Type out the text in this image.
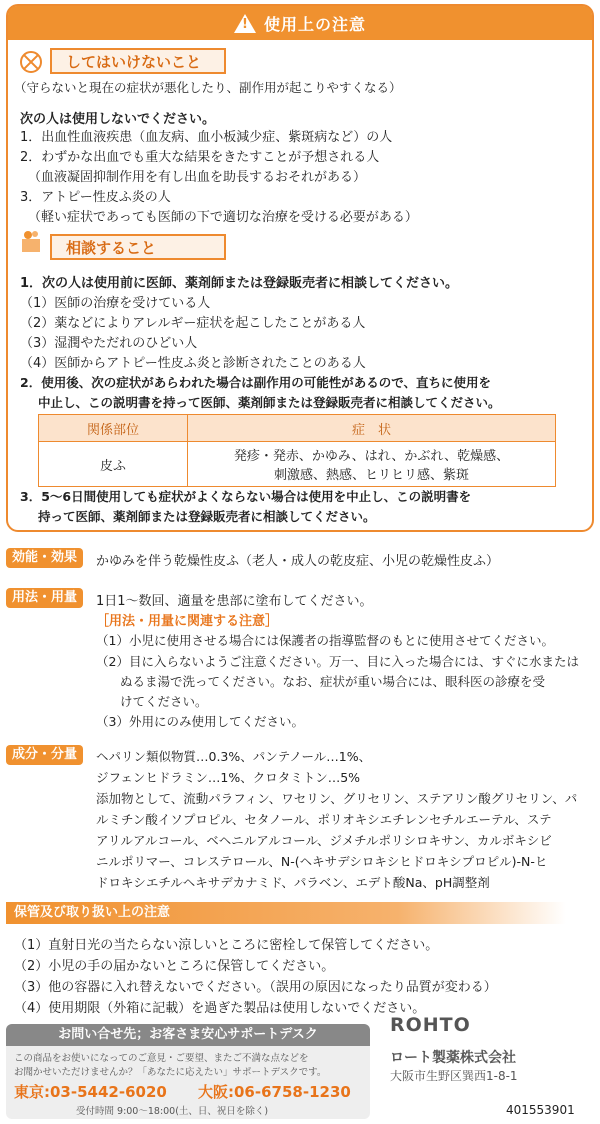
!
使用上の注意
してはいけないこと
（守らないと現在の症状が悪化したり、副作用が起こりやすくなる）
次の人は使用しないでください。
1．出血性血液疾患（血友病、血小板減少症、紫斑病など）の人
2．わずかな出血でも重大な結果をきたすことが予想される人
（血液凝固抑制作用を有し出血を助長するおそれがある）
3．アトピー性皮ふ炎の人
（軽い症状であっても医師の下で適切な治療を受ける必要がある）
相談すること
1．次の人は使用前に医師、薬剤師または登録販売者に相談してください。
（1）医師の治療を受けている人
（2）薬などによりアレルギー症状を起こしたことがある人
（3）湿潤やただれのひどい人
（4）医師からアトピー性皮ふ炎と診断されたことのある人
2．使用後、次の症状があらわれた場合は副作用の可能性があるので、直ちに使用を
中止し、この説明書を持って医師、薬剤師または登録販売者に相談してください。
関係部位	症　状
皮ふ	発疹・発赤、かゆみ、はれ、かぶれ、乾燥感、
刺激感、熱感、ヒリヒリ感、紫斑
3．5〜6日間使用しても症状がよくならない場合は使用を中止し、この説明書を
持って医師、薬剤師または登録販売者に相談してください。
効能・効果	かゆみを伴う乾燥性皮ふ（老人・成人の乾皮症、小児の乾燥性皮ふ）
用法・用量	1日1〜数回、適量を患部に塗布してください。
［用法・用量に関連する注意］
（1）小児に使用させる場合には保護者の指導監督のもとに使用させてください。
（2）目に入らないようご注意ください。万一、目に入った場合には、すぐに水または
ぬるま湯で洗ってください。なお、症状が重い場合には、眼科医の診療を受
けてください。
（3）外用にのみ使用してください。
成分・分量	ヘパリン類似物質…0.3%、パンテノール…1%、
ジフェンヒドラミン…1%、クロタミトン…5%
添加物として、流動パラフィン、ワセリン、グリセリン、ステアリン酸グリセリン、パ
ルミチン酸イソプロピル、セタノール、ポリオキシエチレンセチルエーテル、ステ
アリルアルコール、ベヘニルアルコール、ジメチルポリシロキサン、カルボキシビ
ニルポリマー、コレステロール、N-(ヘキサデシロキシヒドロキシプロピル)-N-ヒ
ドロキシエチルヘキサデカナミド、パラベン、エデト酸Na、pH調整剤
保管及び取り扱い上の注意
（1）直射日光の当たらない涼しいところに密栓して保管してください。
（2）小児の手の届かないところに保管してください。
（3）他の容器に入れ替えないでください。（誤用の原因になったり品質が変わる）
（4）使用期限（外箱に記載）を過ぎた製品は使用しないでください。
お問い合せ先；お客さま安心サポートデスク
この商品をお使いになってのご意見・ご要望、またご不満な点などを
お聞かせいただけませんか？「あなたに応えたい」サポートデスクです。
東京:03-5442-6020 大阪:06-6758-1230
受付時間 9:00〜18:00(土、日、祝日を除く)
ROHTO
ロート製薬株式会社
大阪市生野区巽西1-8-1
401553901
